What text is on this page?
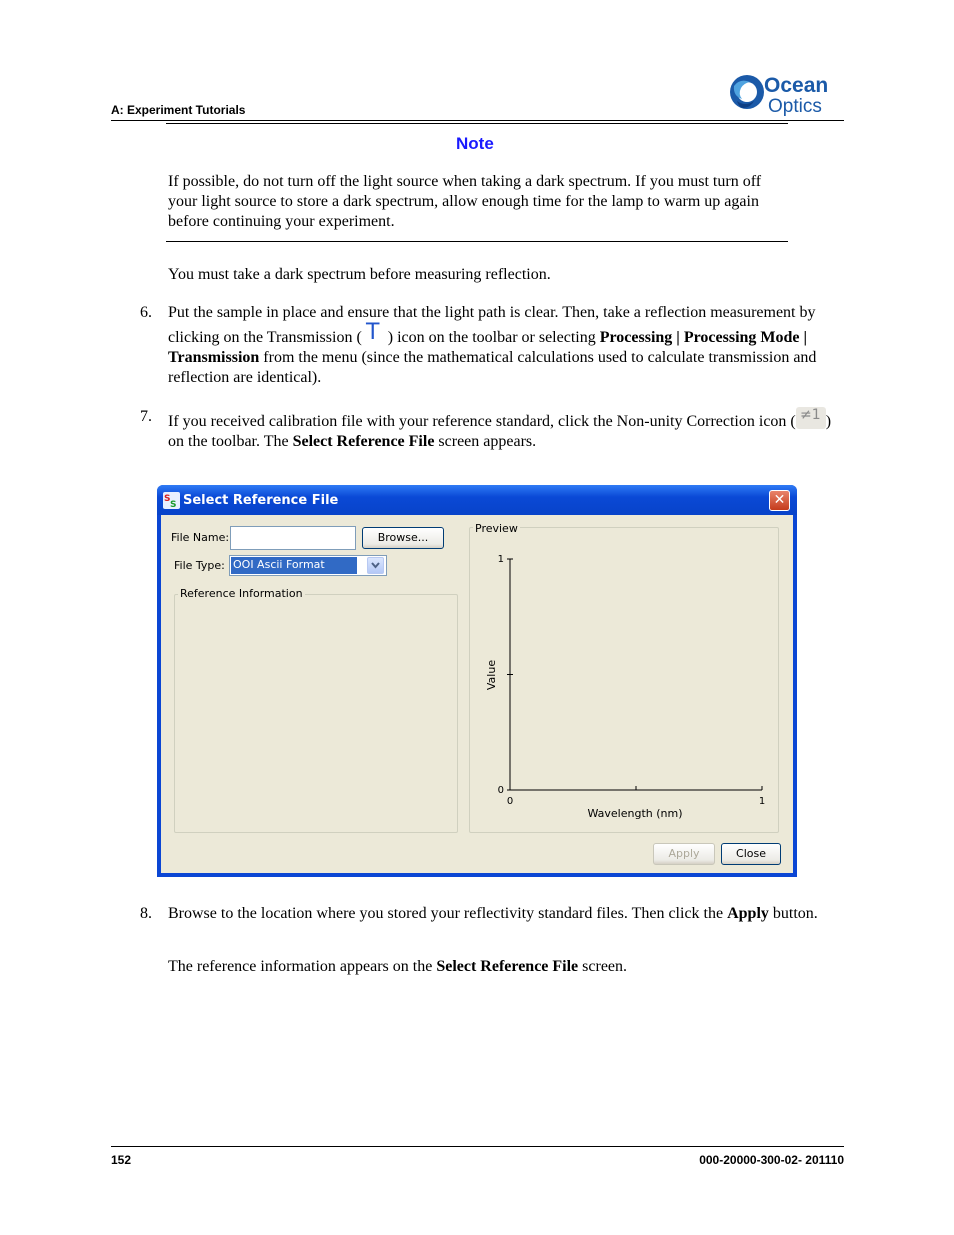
A: Experiment Tutorials
Ocean
Optics
Note
If possible, do not turn off the light source when taking a dark spectrum. If you must turn off your light source to store a dark spectrum, allow enough time for the lamp to warm up again before continuing your experiment.
You must take a dark spectrum before measuring reflection.
6. Put the sample in place and ensure that the light path is clear. Then, take a reflection measurement by clicking on the Transmission ( T ) icon on the toolbar or selecting Processing | Processing Mode | Transmission from the menu (since the mathematical calculations used to calculate transmission and reflection are identical).
7. If you received calibration file with your reference standard, click the Non-unity Correction icon ( ≠1 ) on the toolbar. The Select Reference File screen appears.
S
S Select Reference File	✕
File Name:	Browse...
File Type: OOI Ascii Format
Reference Information
Preview
0	1
0
1
Wavelength (nm)
Value
Apply	Close
8. Browse to the location where you stored your reflectivity standard files. Then click the Apply button.
The reference information appears on the Select Reference File screen.
152	000-20000-300-02- 201110
